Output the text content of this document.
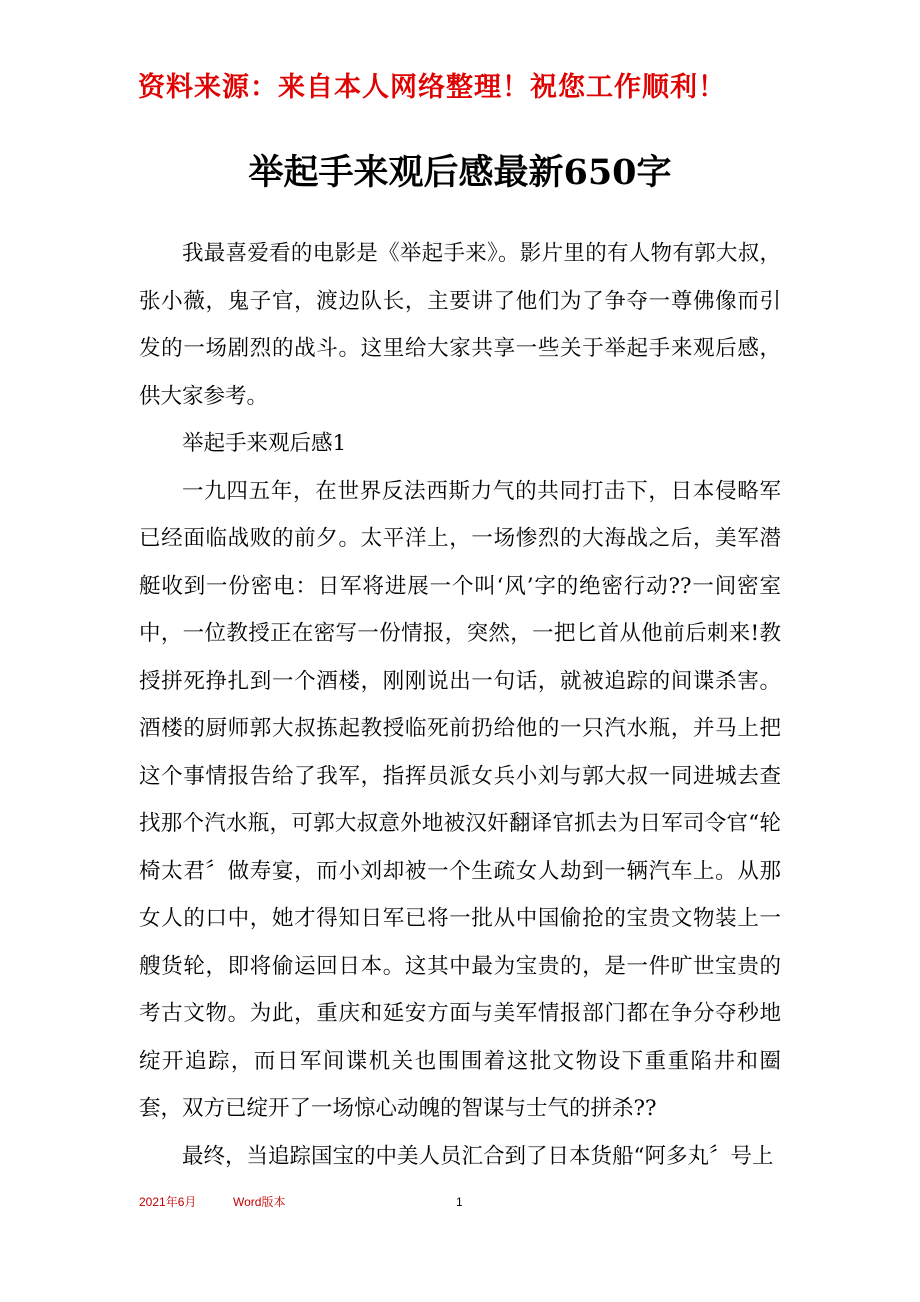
资料来源：来自本人网络整理！祝您工作顺利！
举起手来观后感最新650字

我最喜爱看的电影是《举起手来》。影片里的有人物有郭大叔，张小薇，鬼子官，渡边队长，主要讲了他们为了争夺一尊佛像而引发的一场剧烈的战斗。这里给大家共享一些关于举起手来观后感，供大家参考。

举起手来观后感1

一九四五年，在世界反法西斯力气的共同打击下，日本侵略军已经面临战败的前夕。太平洋上，一场惨烈的大海战之后，美军潜艇收到一份密电：日军将进展一个叫‘风’字的绝密行动??一间密室中，一位教授正在密写一份情报，突然，一把匕首从他前后刺来!教授拼死挣扎到一个酒楼，刚刚说出一句话，就被追踪的间谍杀害。酒楼的厨师郭大叔拣起教授临死前扔给他的一只汽水瓶，并马上把这个事情报告给了我军，指挥员派女兵小刘与郭大叔一同进城去查找那个汽水瓶，可郭大叔意外地被汉奸翻译官抓去为日军司令官“轮椅太君〞做寿宴，而小刘却被一个生疏女人劫到一辆汽车上。从那女人的口中，她才得知日军已将一批从中国偷抢的宝贵文物装上一艘货轮，即将偷运回日本。这其中最为宝贵的，是一件旷世宝贵的考古文物。为此，重庆和延安方面与美军情报部门都在争分夺秒地绽开追踪，而日军间谍机关也围围着这批文物设下重重陷井和圈套，双方已绽开了一场惊心动魄的智谋与士气的拼杀??

最终，当追踪国宝的中美人员汇合到了日本货船“阿多丸〞号上

2021年6月	Word版本	1
